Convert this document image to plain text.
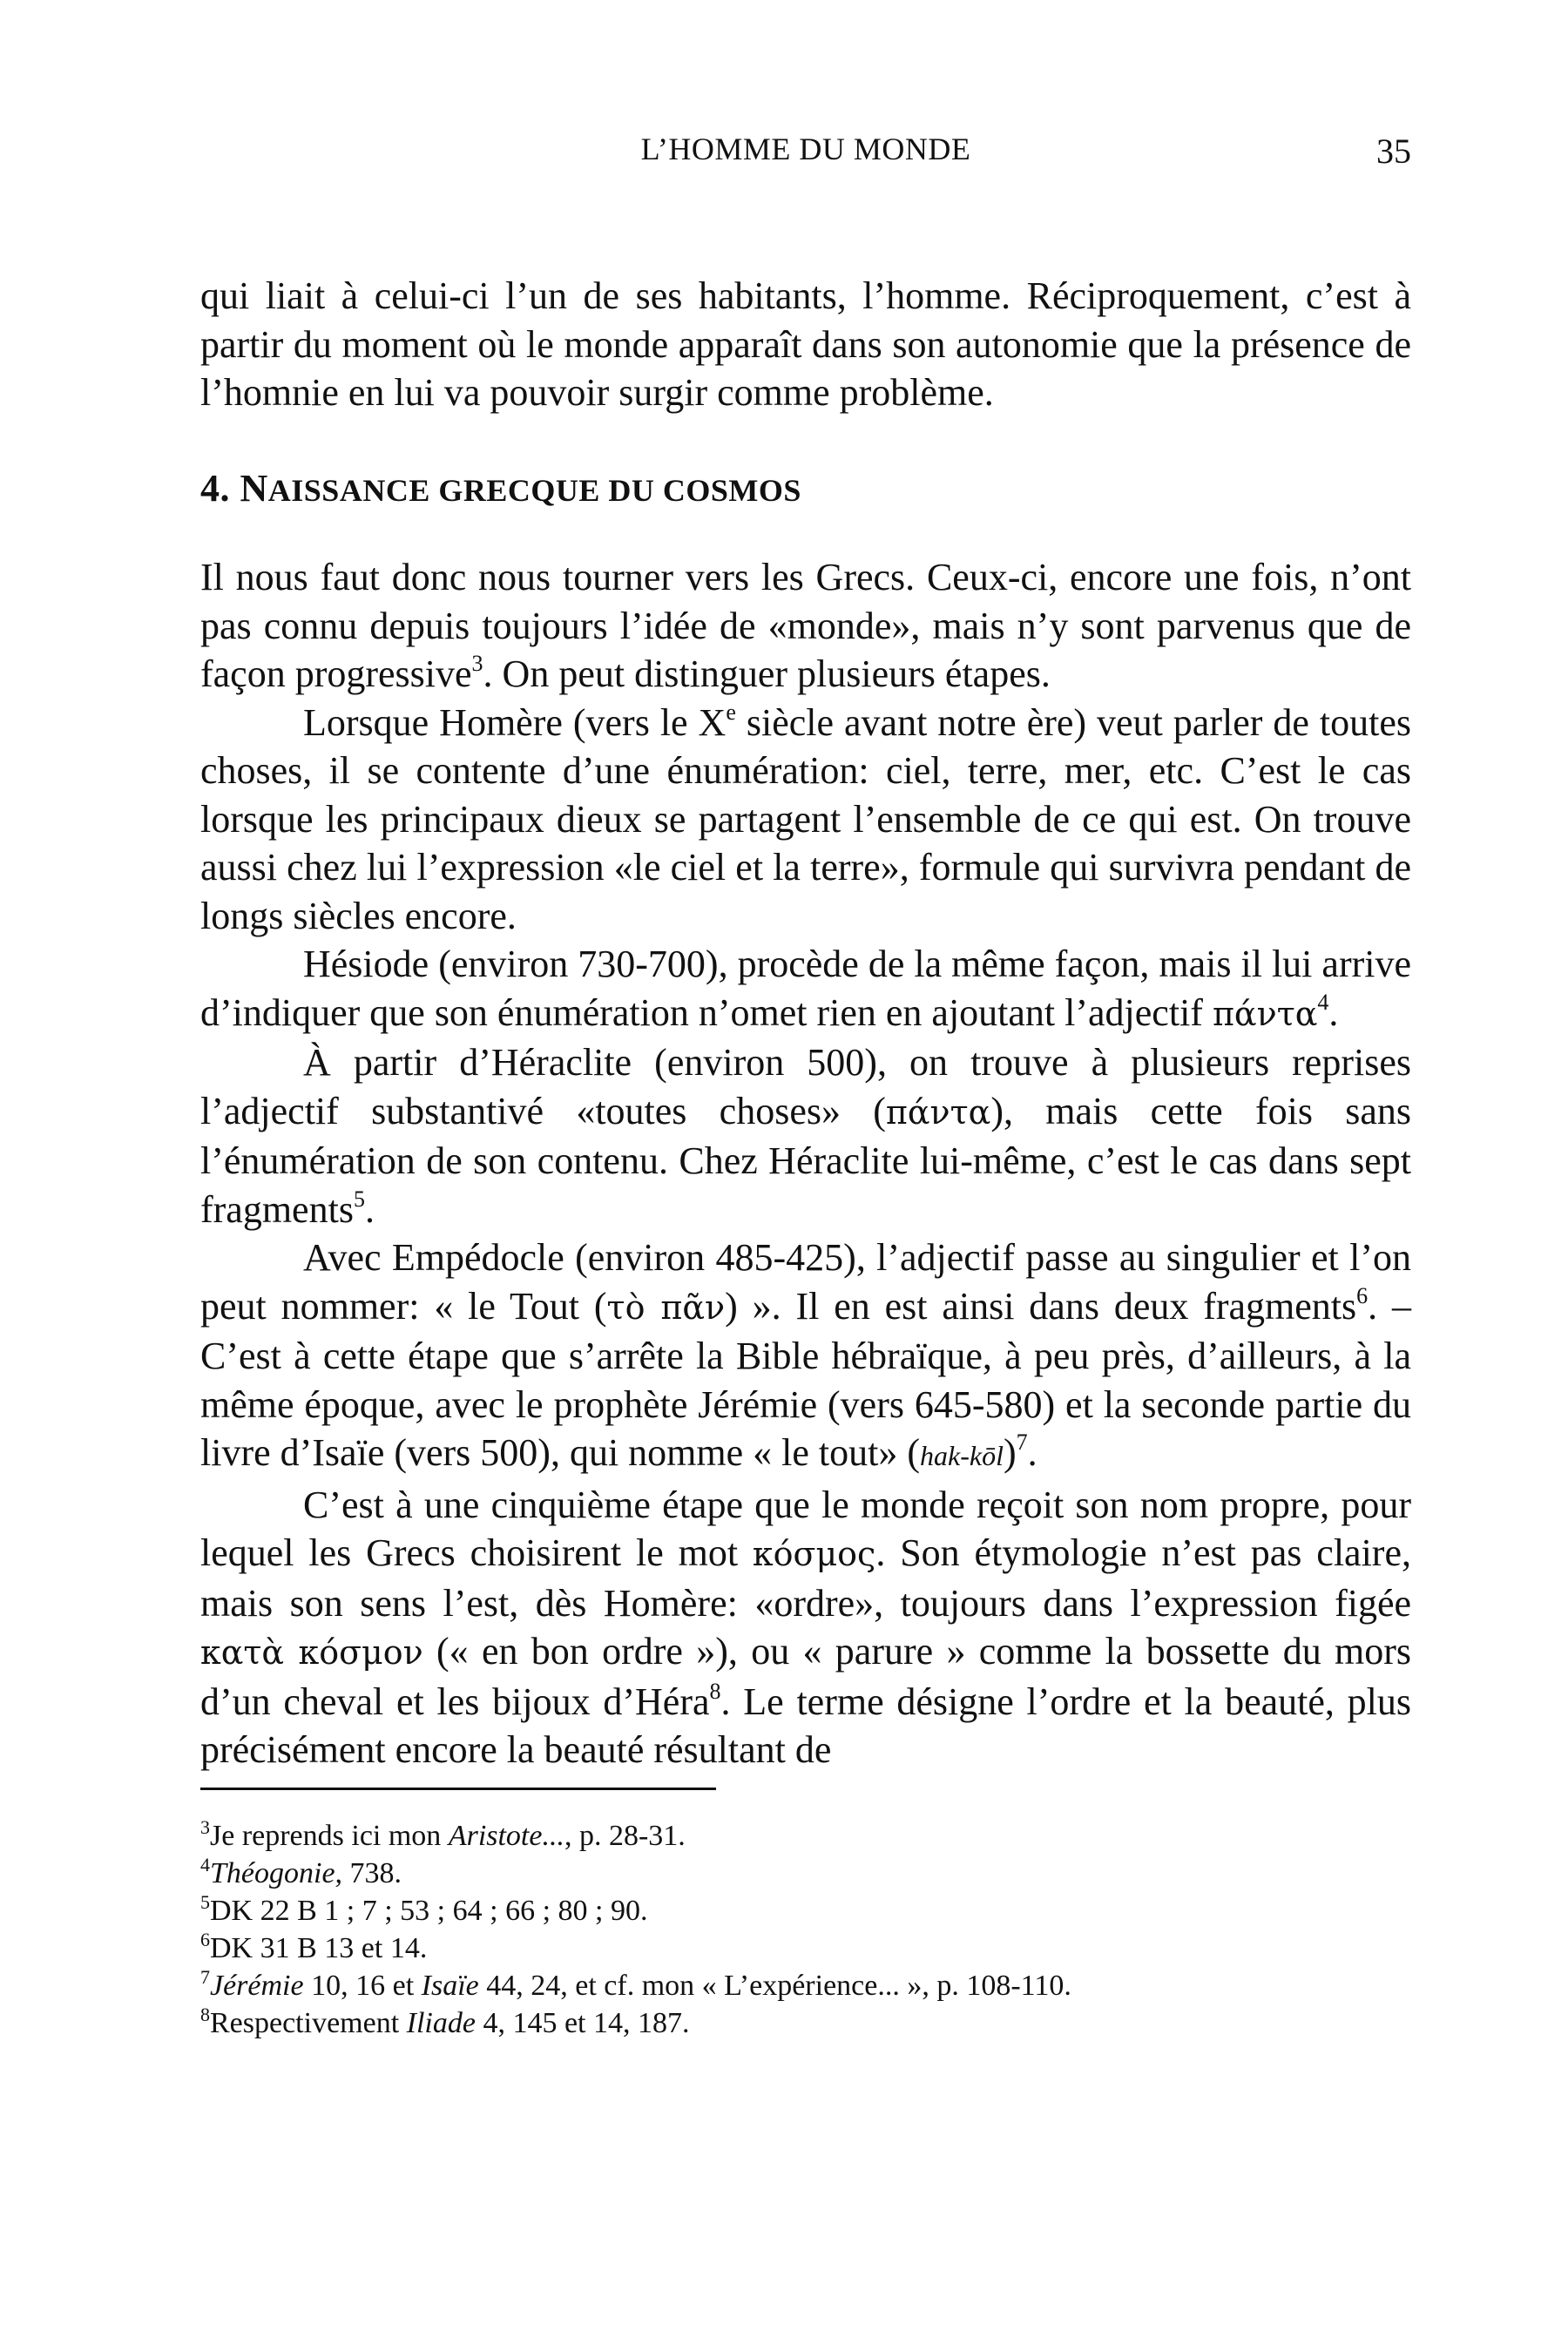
L’HOMME DU MONDE	35

qui liait à celui-ci l’un de ses habitants, l’homme. Réciproquement, c’est à partir du moment où le monde apparaît dans son autonomie que la présence de l’homnie en lui va pouvoir surgir comme problème.

4. NAISSANCE GRECQUE DU COSMOS

Il nous faut donc nous tourner vers les Grecs. Ceux-ci, encore une fois, n’ont pas connu depuis toujours l’idée de «monde», mais n’y sont parvenus que de façon progressive$^3$. On peut distinguer plusieurs étapes.

Lorsque Homère (vers le Xe siècle avant notre ère) veut parler de toutes choses, il se contente d’une énumération: ciel, terre, mer, etc. C’est le cas lorsque les principaux dieux se partagent l’ensemble de ce qui est. On trouve aussi chez lui l’expression «le ciel et la terre», formule qui survivra pendant de longs siècles encore.

Hésiode (environ 730-700), procède de la même façon, mais il lui arrive d’indiquer que son énumération n’omet rien en ajoutant l’adjectif πάντα$^4$.

À partir d’Héraclite (environ 500), on trouve à plusieurs reprises l’adjectif substantivé «toutes choses» (πάντα), mais cette fois sans l’énumération de son contenu. Chez Héraclite lui-même, c’est le cas dans sept fragments$^5$.

Avec Empédocle (environ 485-425), l’adjectif passe au singulier et l’on peut nommer: « le Tout (τὸ πᾶν) ». Il en est ainsi dans deux fragments$^6$. – C’est à cette étape que s’arrête la Bible hébraïque, à peu près, d’ailleurs, à la même époque, avec le prophète Jérémie (vers 645-580) et la seconde partie du livre d’Isaïe (vers 500), qui nomme « le tout» (hak-kōl)$^7$.

C’est à une cinquième étape que le monde reçoit son nom propre, pour lequel les Grecs choisirent le mot κόσμος. Son étymologie n’est pas claire, mais son sens l’est, dès Homère: «ordre», toujours dans l’expression figée κατὰ κόσμον (« en bon ordre »), ou « parure » comme la bossette du mors d’un cheval et les bijoux d’Héra$^8$. Le terme désigne l’ordre et la beauté, plus précisément encore la beauté résultant de

$^3$Je reprends ici mon Aristote..., p. 28-31.
$^4$Théogonie, 738.
$^5$DK 22 B 1 ; 7 ; 53 ; 64 ; 66 ; 80 ; 90.
$^6$DK 31 B 13 et 14.
$^7$Jérémie 10, 16 et Isaïe 44, 24, et cf. mon « L’expérience... », p. 108-110.
$^8$Respectivement Iliade 4, 145 et 14, 187.
